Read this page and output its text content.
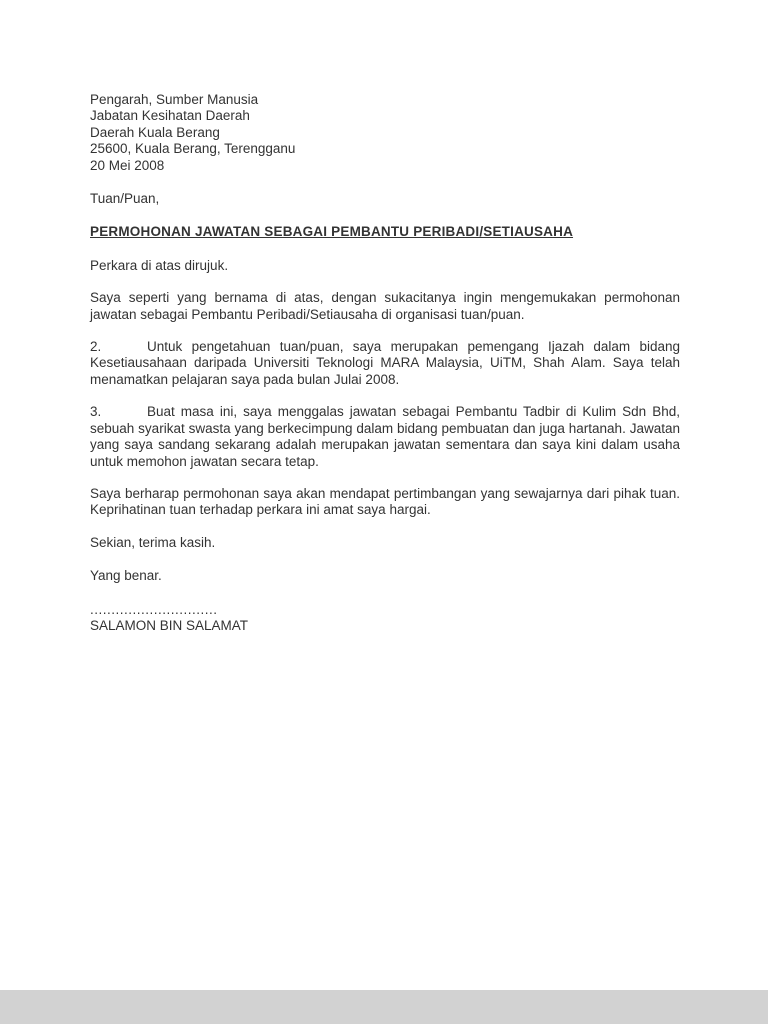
Pengarah, Sumber Manusia
Jabatan Kesihatan Daerah
Daerah Kuala Berang
25600, Kuala Berang, Terengganu
20 Mei 2008
Tuan/Puan,
PERMOHONAN JAWATAN SEBAGAI PEMBANTU PERIBADI/SETIAUSAHA

Perkara di atas dirujuk.

Saya seperti yang bernama di atas, dengan sukacitanya ingin mengemukakan permohonan jawatan sebagai Pembantu Peribadi/Setiausaha di organisasi tuan/puan.

2.	Untuk pengetahuan tuan/puan, saya merupakan pemengang Ijazah dalam bidang Kesetiausahaan daripada Universiti Teknologi MARA Malaysia, UiTM, Shah Alam. Saya telah menamatkan pelajaran saya pada bulan Julai 2008.

3.	Buat masa ini, saya menggalas jawatan sebagai Pembantu Tadbir di Kulim Sdn Bhd, sebuah syarikat swasta yang berkecimpung dalam bidang pembuatan dan juga hartanah. Jawatan yang saya sandang sekarang adalah merupakan jawatan sementara dan saya kini dalam usaha untuk memohon jawatan secara tetap.

Saya berharap permohonan saya akan mendapat pertimbangan yang sewajarnya dari pihak tuan. Keprihatinan tuan terhadap perkara ini amat saya hargai.

Sekian, terima kasih.
Yang benar.
..............................
SALAMON BIN SALAMAT
